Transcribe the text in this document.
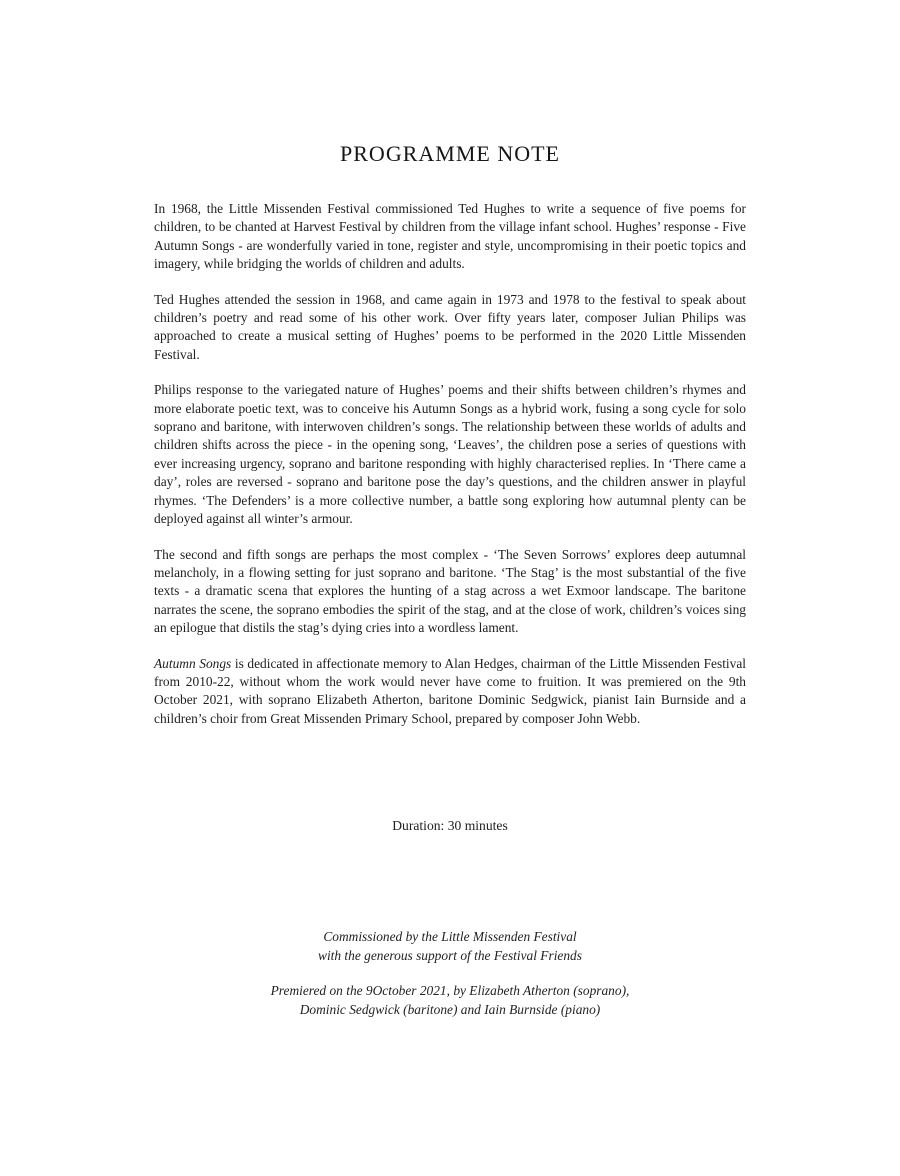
PROGRAMME NOTE

In 1968, the Little Missenden Festival commissioned Ted Hughes to write a sequence of five poems for children, to be chanted at Harvest Festival by children from the village infant school. Hughes’ response - Five Autumn Songs - are wonderfully varied in tone, register and style, uncompromising in their poetic topics and imagery, while bridging the worlds of children and adults.

Ted Hughes attended the session in 1968, and came again in 1973 and 1978 to the festival to speak about children’s poetry and read some of his other work. Over fifty years later, composer Julian Philips was approached to create a musical setting of Hughes’ poems to be performed in the 2020 Little Missenden Festival.

Philips response to the variegated nature of Hughes’ poems and their shifts between children’s rhymes and more elaborate poetic text, was to conceive his Autumn Songs as a hybrid work, fusing a song cycle for solo soprano and baritone, with interwoven children’s songs. The relationship between these worlds of adults and children shifts across the piece - in the opening song, ‘Leaves’, the children pose a series of questions with ever increasing urgency, soprano and baritone responding with highly characterised replies. In ‘There came a day’, roles are reversed - soprano and baritone pose the day’s questions, and the children answer in playful rhymes. ‘The Defenders’ is a more collective number, a battle song exploring how autumnal plenty can be deployed against all winter’s armour.

The second and fifth songs are perhaps the most complex - ‘The Seven Sorrows’ explores deep autumnal melancholy, in a flowing setting for just soprano and baritone. ‘The Stag’ is the most substantial of the five texts - a dramatic scena that explores the hunting of a stag across a wet Exmoor landscape. The baritone narrates the scene, the soprano embodies the spirit of the stag, and at the close of work, children’s voices sing an epilogue that distils the stag’s dying cries into a wordless lament.

Autumn Songs is dedicated in affectionate memory to Alan Hedges, chairman of the Little Missenden Festival from 2010-22, without whom the work would never have come to fruition. It was premiered on the 9th October 2021, with soprano Elizabeth Atherton, baritone Dominic Sedgwick, pianist Iain Burnside and a children’s choir from Great Missenden Primary School, prepared by composer John Webb.

Duration: 30 minutes
Commissioned by the Little Missenden Festival
with the generous support of the Festival Friends
Premiered on the 9October 2021, by Elizabeth Atherton (soprano),
Dominic Sedgwick (baritone) and Iain Burnside (piano)
